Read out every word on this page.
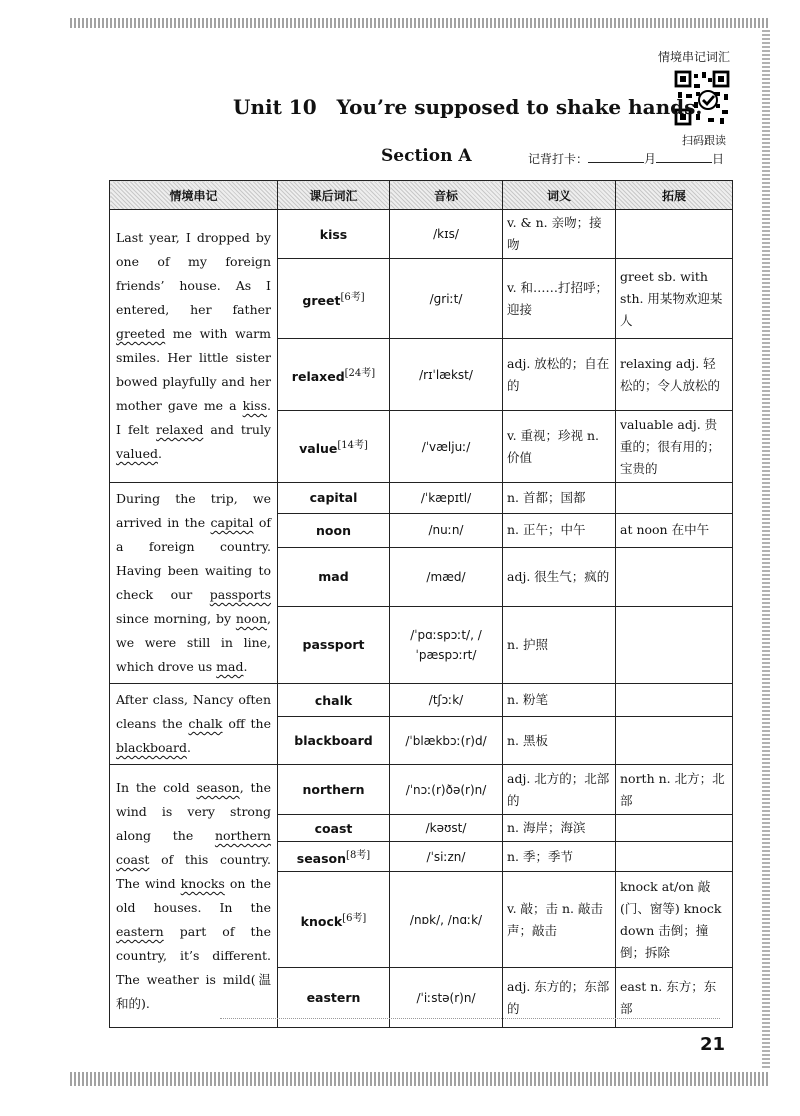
情境串记词汇
扫码跟读
Unit 10 You’re supposed to shake hands.
Section A	记背打卡：	月	日
情境串记	课后词汇	音标	词义	拓展
Last year, I dropped by one of my foreign friends’ house. As I entered, her father greeted me with warm smiles. Her little sister bowed playfully and her mother gave me a kiss. I felt relaxed and truly valued.	kiss	/kɪs/	v. & n. 亲吻；接吻	
	greet[6考]	/ɡriːt/	v. 和……打招呼；迎接	greet sb. with sth. 用某物欢迎某人
	relaxed[24考]	/rɪˈlækst/	adj. 放松的；自在的	relaxing adj. 轻松的；令人放松的
	value[14考]	/ˈvæljuː/	v. 重视；珍视 n. 价值	valuable adj. 贵重的；很有用的；宝贵的
During the trip, we arrived in the capital of a foreign country. Having been waiting to check our passports since morning, by noon, we were still in line, which drove us mad.	capital	/ˈkæpɪtl/	n. 首都；国都	
	noon	/nuːn/	n. 正午；中午	at noon 在中午
	mad	/mæd/	adj. 很生气；疯的	
	passport	/ˈpɑːspɔːt/, /ˈpæspɔːrt/	n. 护照	
After class, Nancy often cleans the chalk off the blackboard.	chalk	/tʃɔːk/	n. 粉笔	
	blackboard	/ˈblækbɔː(r)d/	n. 黑板	
In the cold season, the wind is very strong along the northern coast of this country. The wind knocks on the old houses. In the eastern part of the country, it’s different. The weather is mild(温和的).	northern	/ˈnɔː(r)ðə(r)n/	adj. 北方的；北部的	north n. 北方；北部
	coast	/kəʊst/	n. 海岸；海滨	
	season[8考]	/ˈsiːzn/	n. 季；季节	
	knock[6考]	/nɒk/, /nɑːk/	v. 敲；击 n. 敲击声；敲击	knock at/on 敲(门、窗等) knock down 击倒；撞倒；拆除
	eastern	/ˈiːstə(r)n/	adj. 东方的；东部的	east n. 东方；东部
21
